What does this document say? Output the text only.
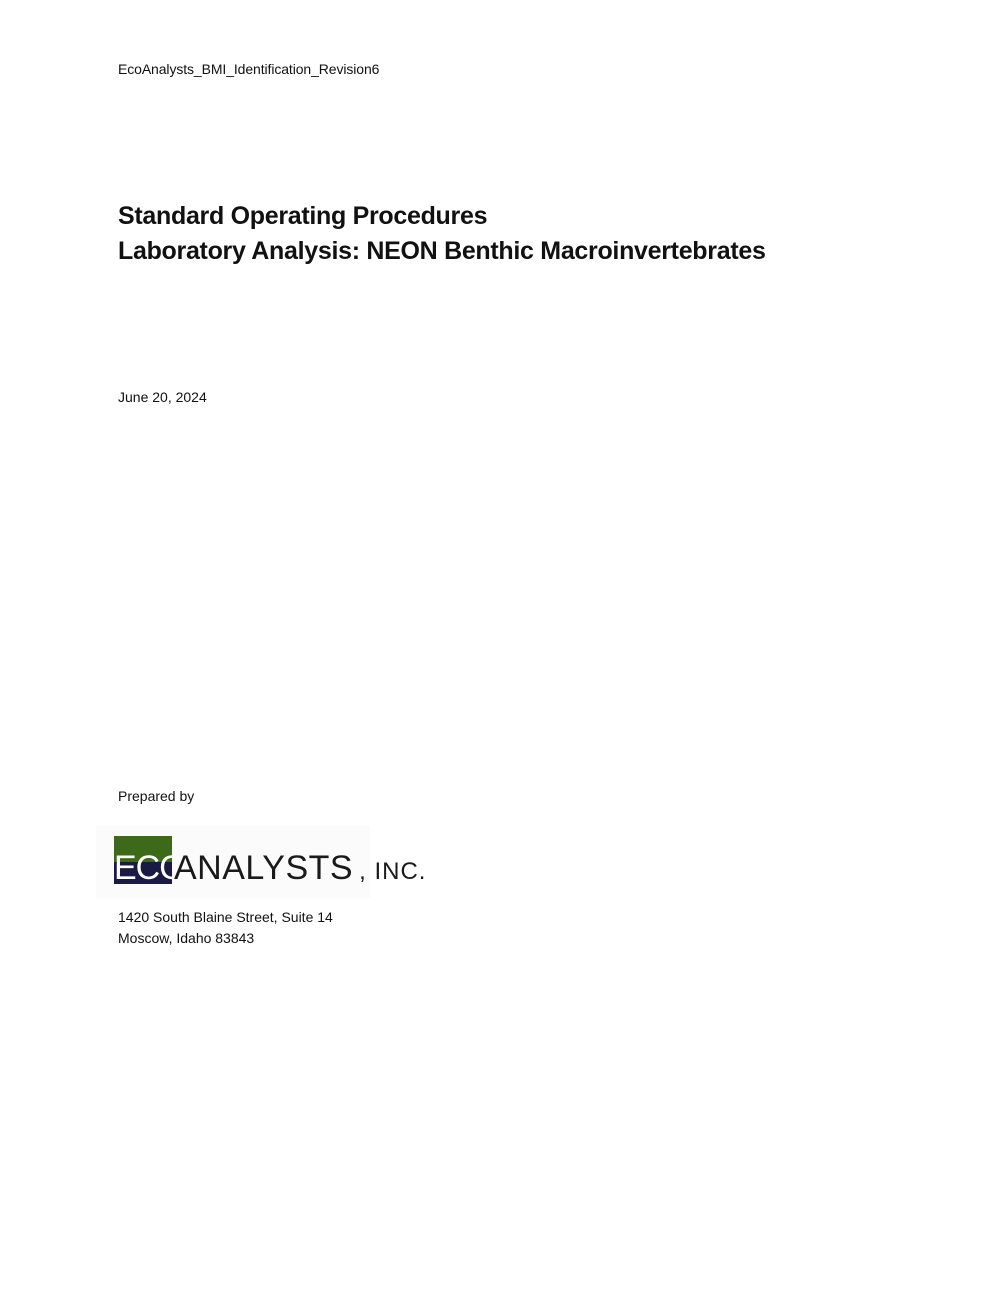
EcoAnalysts_BMI_Identification_Revision6
Standard Operating Procedures
Laboratory Analysis: NEON Benthic Macroinvertebrates
June 20, 2024
Prepared by
ECO
ANALYSTS , INC.
1420 South Blaine Street, Suite 14
Moscow, Idaho 83843
